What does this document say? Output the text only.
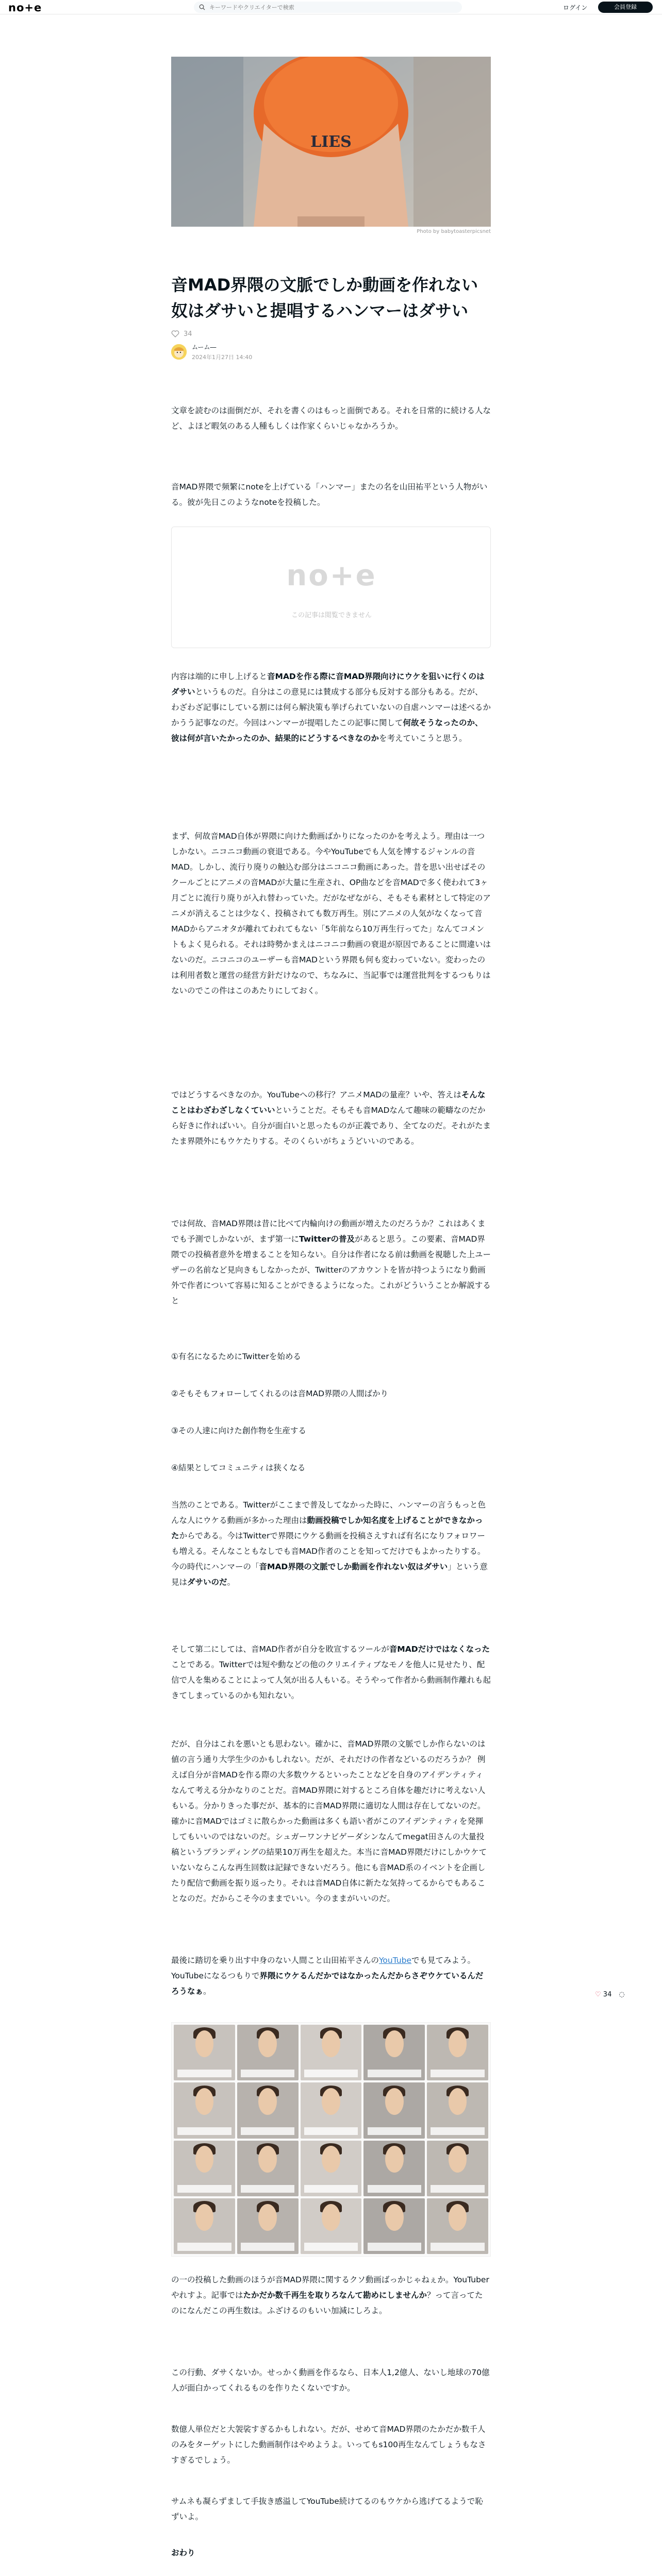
no+e
キーワードやクリエイターで検索	ログイン	会員登録
LIES
Photo by babytoasterpicsnet
音MAD界隈の文脈でしか動画を作れない奴はダサいと提唱するハンマーはダサい
34
ムーム―
2024年1月27日 14:40

文章を読むのは面倒だが、それを書くのはもっと面倒である。それを日常的に続ける人など、よほど暇気のある人種もしくは作家くらいじゃなかろうか。

音MAD界隈で频繁にnoteを上げている「ハンマー」またの名を山田祐平という人物がいる。彼が先日このようなnoteを投稿した。

no+e
この記事は閲覧できません

内容は端的に申し上げると音MADを作る際に音MAD界隈向けにウケを狙いに行くのはダサいというものだ。自分はこの意見には賛成する部分も反対する部分もある。だが、わざわざ記事にしている割には何ら解決策も挙げられていないの自虐ハンマーは述べるかかうう記事なのだ。今回はハンマーが提唱したこの記事に関して何故そうなったのか、彼は何が言いたかったのか、結果的にどうするべきなのかを考えていこうと思う。

まず、何故音MAD自体が界隈に向けた動画ばかりになったのかを考えよう。理由は一つしかない。ニコニコ動画の衰退である。今やYouTubeでも人気を博するジャンルの音MAD。しかし、流行り廃りの触込む部分はニコニコ動画にあった。昔を思い出せばそのクールごとにアニメの音MADが大量に生産され、OP曲などを音MADで多く使われて3ヶ月ごとに流行り廃りが入れ替わっていた。だがなぜながら、そもそも素材として特定のアニメが消えることは少なく、投稿されても数万再生。別にアニメの人気がなくなって音MADからアニオタが離れてわれてもない「5年前なら10万再生行ってた」なんてコメントもよく見られる。それは時勢かまえはニコニコ動画の衰退が原因であることに間違いはないのだ。ニコニコのユーザーも音MADという界隈も何も変わっていない。変わったのは利用者数と運営の経営方針だけなので、ちなみに、当記事では運営批判をするつもりはないのでこの件はこのあたりにしておく。

ではどうするべきなのか。YouTubeへの移行？アニメMADの量産？いや、答えはそんなことはわざわざしなくていいということだ。そもそも音MADなんて趣味の範疇なのだから好きに作ればいい。自分が面白いと思ったものが正義であり、全てなのだ。それがたまたま界隈外にもウケたりする。そのくらいがちょうどいいのである。

では何故、音MAD界隈は昔に比べて内輪向けの動画が増えたのだろうか？これはあくまでも予測でしかないが、まず第一にTwitterの普及があると思う。この要素、音MAD界隈での投稿者意外を増まることを知らない。自分は作者になる前は動画を視聴した上ユーザーの名前など見向きもしなかったが、Twitterのアカウントを皆が持つようになり動画外で作者について容易に知ることができるようになった。これがどういうことか解説すると

①有名になるためにTwitterを始める

②そもそもフォローしてくれるのは音MAD界隈の人間ばかり

③その人達に向けた創作物を生産する

④結果としてコミュニティは狭くなる

当然のことである。Twitterがここまで普及してなかった時に、ハンマーの言うもっと色んな人にウケる動画が多かった理由は動画投稿でしか知名度を上げることができなかったからである。今はTwitterで界隈にウケる動画を投稿さえすれば有名になりフォロワーも増える。そんなこともなしでも音MAD作者のことを知ってだけでもよかったりする。今の時代にハンマーの「音MAD界隈の文脈でしか動画を作れない奴はダサい」という意見はダサいのだ。

そして第二にしては、音MAD作者が自分を敗宣するツールが音MADだけではなくなったことである。Twitterでは短や動などの他のクリエイティブなモノを他人に見せたり、配信で人を集めることによって人気が出る人もいる。そうやって作者から動画制作離れも起きてしまっているのかも知れない。

だが、自分はこれを悪いとも思わない。確かに、音MAD界隈の文脈でしか作らないのは値の言う通り大学生少のかもしれない。だが、それだけの作者などいるのだろうか？ 例えば自分が音MADを作る際の大多数ウケるといったことなどを自身のアイデンティティなんて考える分かなりのことだ。音MAD界隈に対するところ自体を趣だけに考えない人もいる。分かりきった事だが、基本的に音MAD界隈に適切な人間は存在してないのだ。確かに音MADではゴミに散らかった動画は多くも語い者がこのアイデンティティを発揮してもいいのではないのだ。シュガーワンナビゲーダシンなんてmegat田さんの大量投稿というブランディングの結果10万再生を超えた。本当に音MAD界隈だけにしかウケていないならこんな再生回数は記録できないだろう。他にも音MAD系のイベントを企画したり配信で動画を振り返ったり。それは音MAD自体に新たな気持ってるからでもあることなのだ。だからこそ今のままでいい。今のままがいいのだ。

最後に踏切を乗り出す中身のない人間こと山田祐平さんのYouTubeでも見てみよう。YouTubeになるつもりで界隈にウケるんだかではなかったんだからさぞウケているんだろうなぁ。

の一の投稿した動画のほうが音MAD界隈に関するクソ動画ばっかじゃねぇか。YouTuberやれすよ。記事ではたかだか数千再生を取りろなんて勘めにしませんか？って言ってたのになんだこの再生数は。ふざけるのもいい加減にしろよ。

この行動、ダサくないか。せっかく動画を作るなら、日本人1,2億人、ないし地球の70億人が面白かってくれるものを作りたくないですか。

数億人単位だと大袈裟すぎるかもしれない。だが、せめて音MAD界隈のたかだか数千人のみをターゲットにした動画制作はやめようよ。いってもs100再生なんてしょうもなさすぎるでしょう。

サムネも凝らずまして手抜き感溢してYouTube続けてるのもウケから逃げてるようで恥ずいよ。

おわり

♡
34 ◌
